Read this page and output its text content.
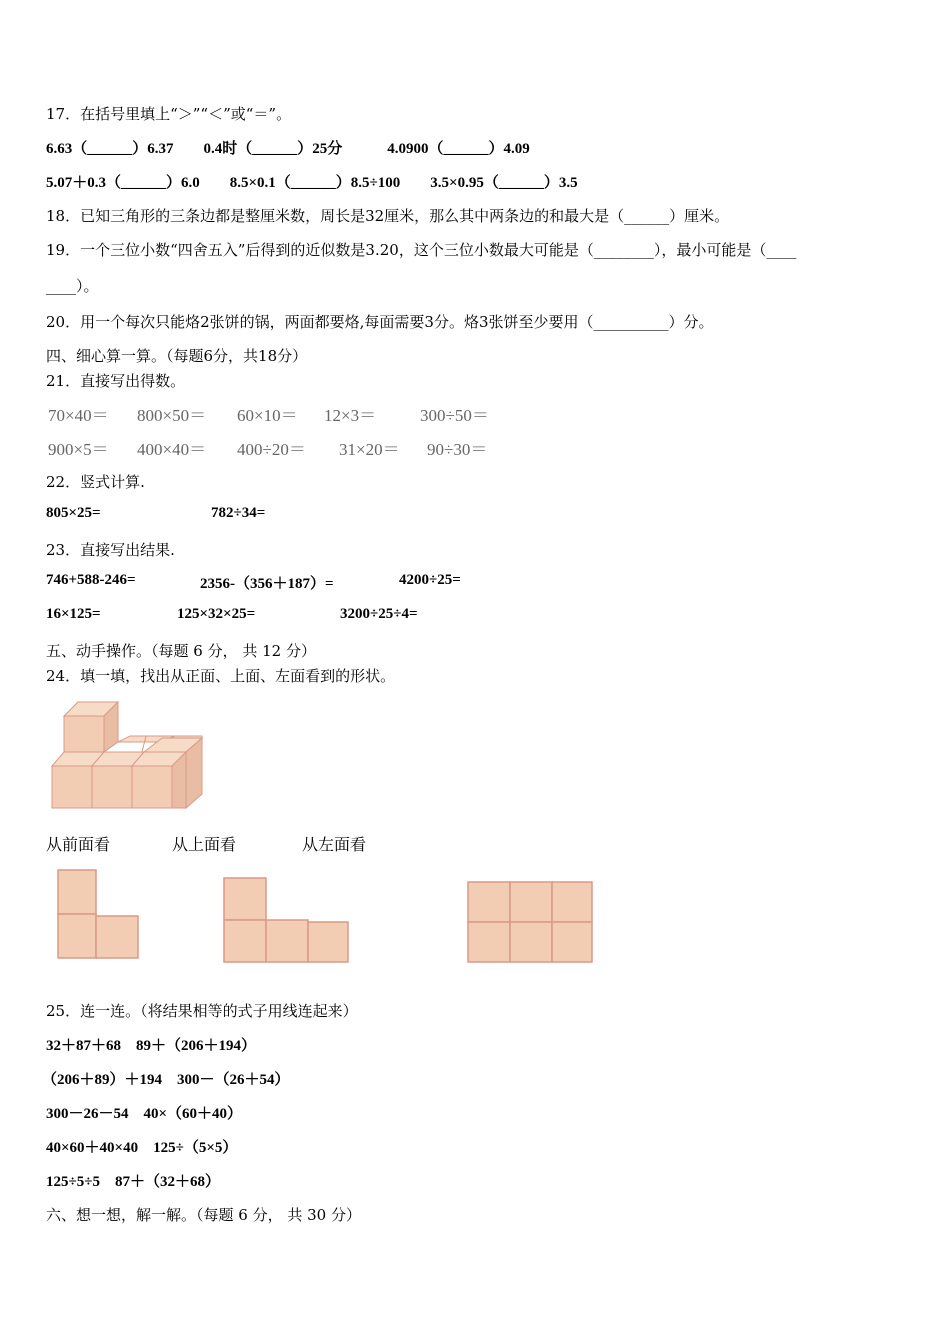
17．在括号里填上“＞”“＜”或“＝”。
6.63（______）6.37　　0.4时（______）25分　　　4.0900（______）4.09
5.07＋0.3（______）6.0　　8.5×0.1（______）8.5÷100　　3.5×0.95（______）3.5
18．已知三角形的三条边都是整厘米数，周长是32厘米，那么其中两条边的和最大是（______）厘米。
19．一个三位小数“四舍五入”后得到的近似数是3.20，这个三位小数最大可能是（________），最小可能是（____
____）。
20．用一个每次只能烙2张饼的锅，两面都要烙,每面需要3分。烙3张饼至少要用（__________）分。
四、细心算一算。（每题6分，共18分）
21．直接写出得数。
70×40＝ 800×50＝ 60×10＝ 12×3＝	300÷50＝
900×5＝ 400×40＝ 400÷20＝ 31×20＝ 90÷30＝
22．竖式计算.
805×25=	782÷34=
23．直接写出结果.
746+588-246=	2356-（356＋187）=	4200÷25=
16×125=	125×32×25=	3200÷25÷4=
五、动手操作。（每题 6 分， 共 12 分）
24．填一填，找出从正面、上面、左面看到的形状。
从前面看	从上面看	从左面看
25．连一连。（将结果相等的式子用线连起来）
32＋87＋68　89＋（206＋194）
（206＋89）＋194　300－（26＋54）
300－26－54　40×（60＋40）
40×60＋40×40　125÷（5×5）
125÷5÷5　87＋（32＋68）
六、想一想，解一解。（每题 6 分， 共 30 分）
